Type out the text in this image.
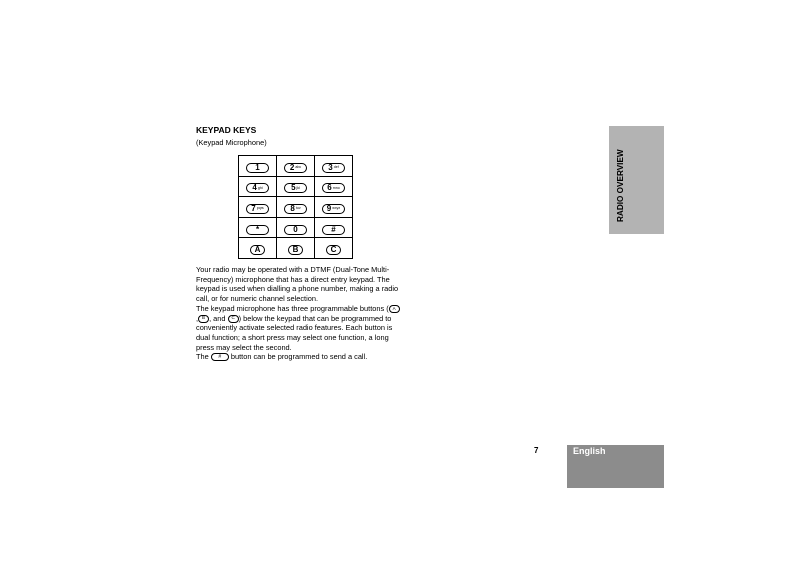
KEYPAD KEYS
(Keypad Microphone)
1	2 abc	3 def

4 ghi	5 jkl	6 mno

7 pqrs	8 tuv	9 wxyz

*	0	#

A	B	C

Your radio may be operated with a DTMF (Dual-Tone Multi-Frequency) microphone that has a direct entry keypad. The keypad is used when dialling a phone number, making a radio call, or for numeric channel selection.

The keypad microphone has three programmable buttons ( A, B , and C ) below the keypad that can be programmed to conveniently activate selected radio features. Each button is dual function; a short press may select one function, a long press may select the second.

The # button can be programmed to send a call.

RADIO OVERVIEW
7	English
